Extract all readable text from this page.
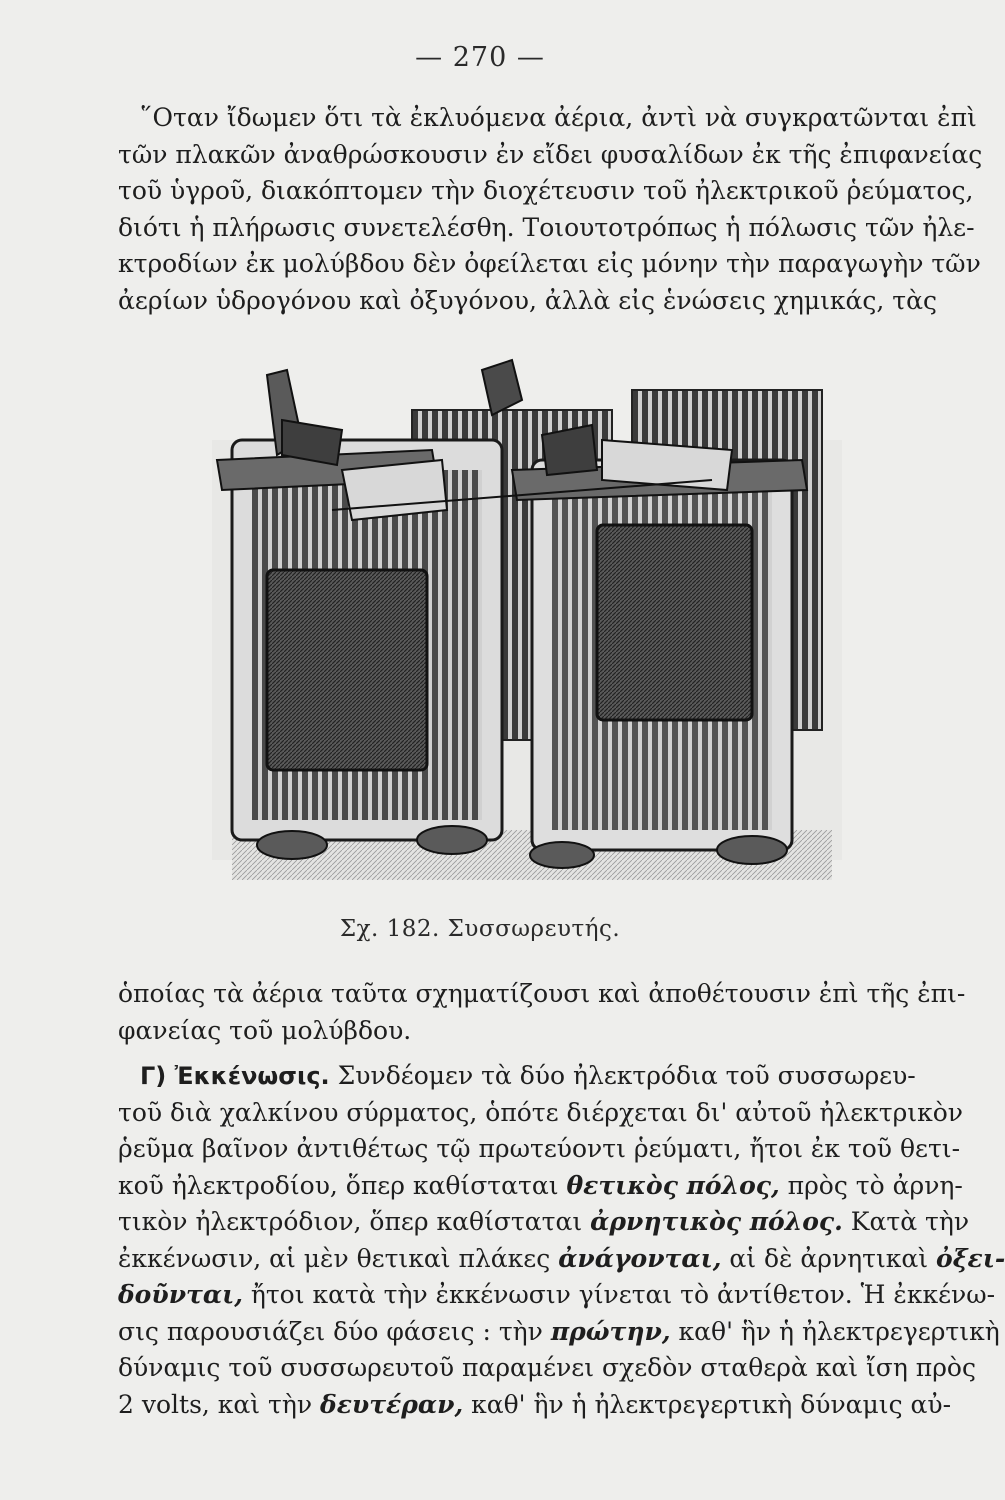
— 270 —
῞Οταν ἴδωμεν ὅτι τὰ ἐκλυόμενα ἀέρια, ἀντὶ νὰ συγκρατῶνται ἐπὶ
τῶν πλακῶν ἀναθρώσκουσιν ἐν εἴδει φυσαλίδων ἐκ τῆς ἐπιφανείας
τοῦ ὑγροῦ, διακόπτομεν τὴν διοχέτευσιν τοῦ ἠλεκτρικοῦ ῥεύματος,
διότι ἡ πλήρωσις συνετελέσθη. Τοιουτοτρόπως ἡ πόλωσις τῶν ἠλε-
κτροδίων ἐκ μολύβδου δὲν ὀφείλεται εἰς μόνην τὴν παραγωγὴν τῶν
ἀερίων ὑδρογόνου καὶ ὀξυγόνου, ἀλλὰ εἰς ἑνώσεις χημικάς, τὰς
Σχ. 182. Συσσωρευτής.
ὁποίας τὰ ἀέρια ταῦτα σχηματίζουσι καὶ ἀποθέτουσιν ἐπὶ τῆς ἐπι-
φανείας τοῦ μολύβδου.
Γ) Ἐκκένωσις. Συνδέομεν τὰ δύο ἠλεκτρόδια τοῦ συσσωρευ-
τοῦ διὰ χαλκίνου σύρματος, ὁπότε διέρχεται δι' αὐτοῦ ἠλεκτρικὸν
ῥεῦμα βαῖνον ἀντιθέτως τῷ πρωτεύοντι ῥεύματι, ἤτοι ἐκ τοῦ θετι-
κοῦ ἠλεκτροδίου, ὅπερ καθίσταται θετικὸς πόλος, πρὸς τὸ ἀρνη-
τικὸν ἠλεκτρόδιον, ὅπερ καθίσταται ἀρνητικὸς πόλος. Κατὰ τὴν
ἐκκένωσιν, αἱ μὲν θετικαὶ πλάκες ἀνάγονται, αἱ δὲ ἀρνητικαὶ ὀξει-
δοῦνται, ἤτοι κατὰ τὴν ἐκκένωσιν γίνεται τὸ ἀντίθετον. Ἡ ἐκκένω-
σις παρουσιάζει δύο φάσεις : τὴν πρώτην, καθ' ἣν ἡ ἠλεκτρεγερτικὴ
δύναμις τοῦ συσσωρευτοῦ παραμένει σχεδὸν σταθερὰ καὶ ἴση πρὸς
2 volts, καὶ τὴν δευτέραν, καθ' ἣν ἡ ἠλεκτρεγερτικὴ δύναμις αὐ-
